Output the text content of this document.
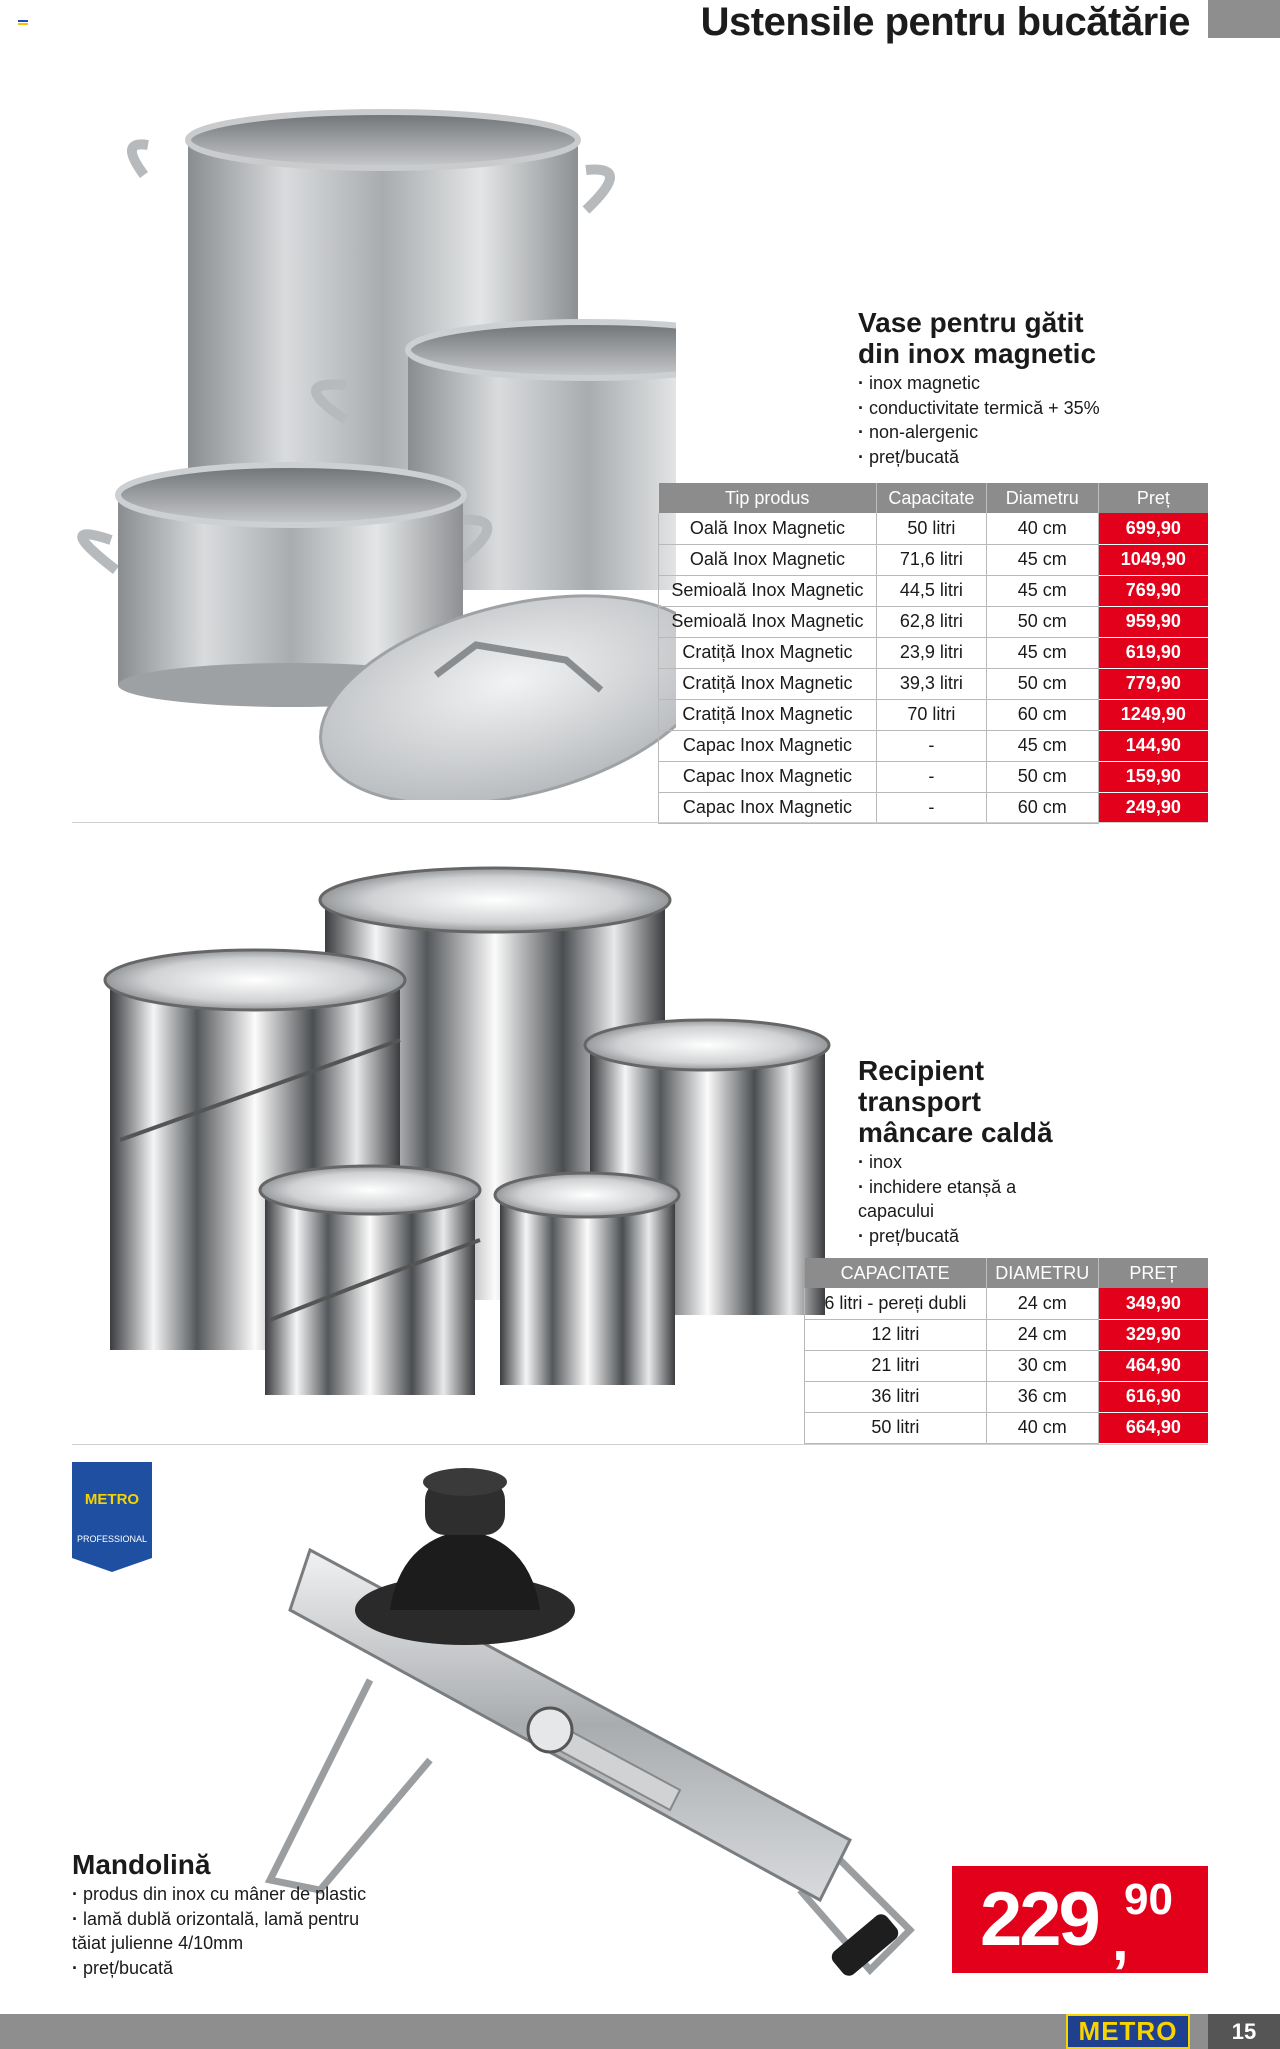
Ustensile pentru bucătărie
Vase pentru gătit
din inox magnetic
· inox magnetic
· conductivitate termică + 35%
· non-alergenic
· preț/bucată
Tip produs	Capacitate	Diametru	Preț
Oală Inox Magnetic	50 litri	40 cm	699,90
Oală Inox Magnetic	71,6 litri	45 cm	1049,90
Semioală Inox Magnetic	44,5 litri	45 cm	769,90
Semioală Inox Magnetic	62,8 litri	50 cm	959,90
Cratiță Inox Magnetic	23,9 litri	45 cm	619,90
Cratiță Inox Magnetic	39,3 litri	50 cm	779,90
Cratiță Inox Magnetic	70 litri	60 cm	1249,90
Capac Inox Magnetic	-	45 cm	144,90
Capac Inox Magnetic	-	50 cm	159,90
Capac Inox Magnetic	-	60 cm	249,90
Recipient
transport
mâncare caldă
· inox
· inchidere etanșă a capacului
· preț/bucată
CAPACITATE	DIAMETRU	PREȚ
6 litri - pereți dubli	24 cm	349,90
12 litri	24 cm	329,90
21 litri	30 cm	464,90
36 litri	36 cm	616,90
50 litri	40 cm	664,90
METRO
PROFESSIONAL
Mandolină
· produs din inox cu mâner de plastic
· lamă dublă orizontală, lamă pentru tăiat julienne 4/10mm
· preț/bucată
229 ,
90
METRO	15
